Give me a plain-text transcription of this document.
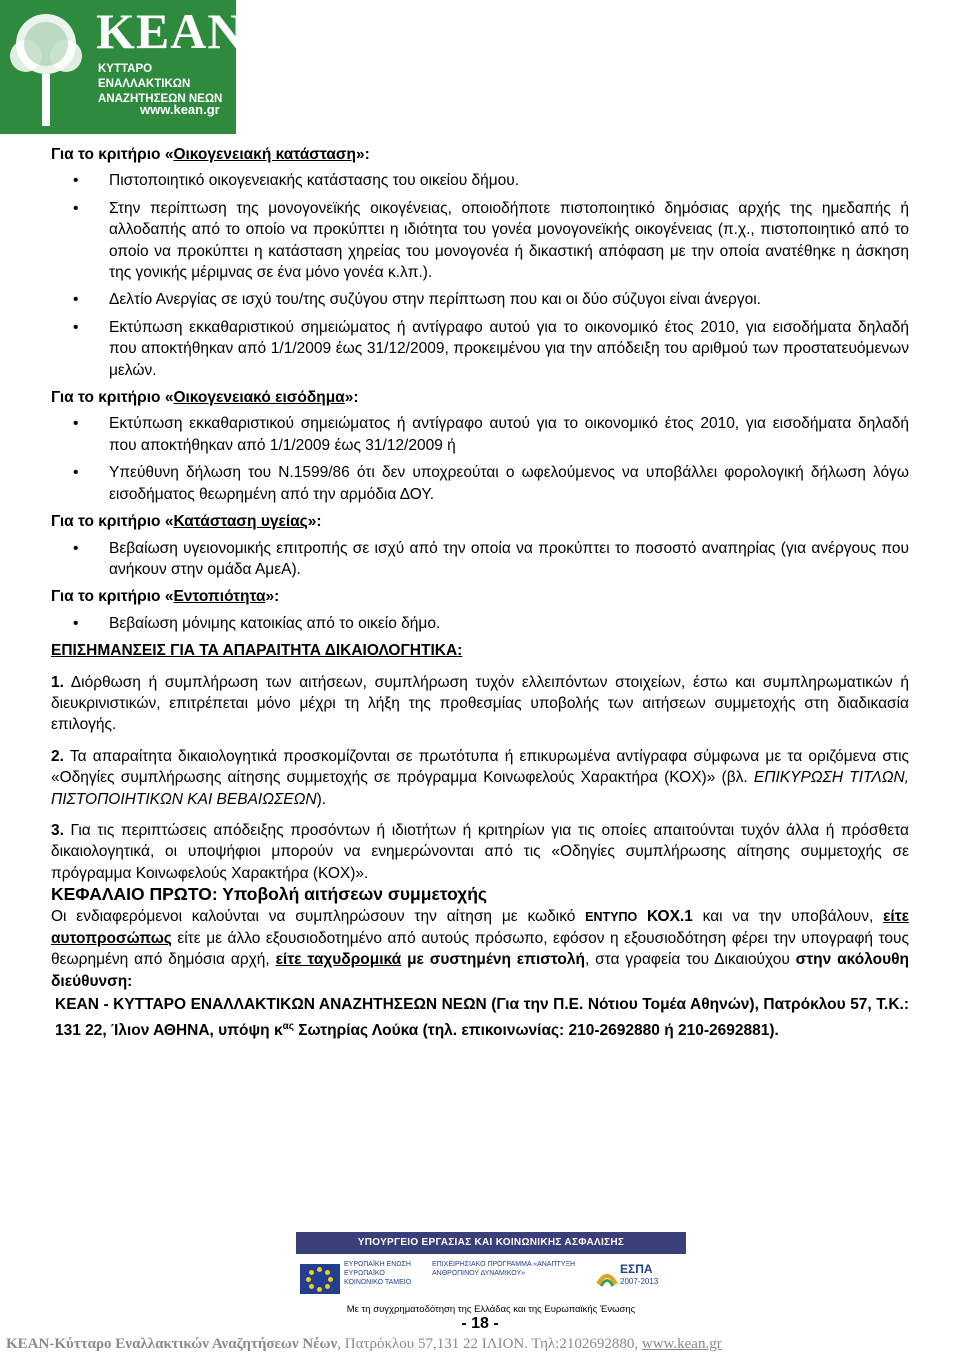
ΚΕΑΝ
ΚΥΤΤΑΡΟ ΕΝΑΛΛΑΚΤΙΚΩΝ
ΑΝΑΖΗΤΗΣΕΩΝ ΝΕΩΝ
www.kean.gr

Για το κριτήριο «Οικογενειακή κατάσταση»:

• Πιστοποιητικό οικογενειακής κατάστασης του οικείου δήμου.
• Στην περίπτωση της μονογονεϊκής οικογένειας, οποιοδήποτε πιστοποιητικό δημόσιας αρχής της ημεδαπής ή αλλοδαπής από το οποίο να προκύπτει η ιδιότητα του γονέα μονογονεϊκής οικογένειας (π.χ., πιστοποιητικό από το οποίο να προκύπτει η κατάσταση χηρείας του μονογονέα ή δικαστική απόφαση με την οποία ανατέθηκε η άσκηση της γονικής μέριμνας σε ένα μόνο γονέα κ.λπ.).
• Δελτίο Ανεργίας σε ισχύ του/της συζύγου στην περίπτωση που και οι δύο σύζυγοι είναι άνεργοι.
• Εκτύπωση εκκαθαριστικού σημειώματος ή αντίγραφο αυτού για το οικονομικό έτος 2010, για εισοδήματα δηλαδή που αποκτήθηκαν από 1/1/2009 έως 31/12/2009, προκειμένου για την απόδειξη του αριθμού των προστατευόμενων μελών.

Για το κριτήριο «Οικογενειακό εισόδημα»:

• Εκτύπωση εκκαθαριστικού σημειώματος ή αντίγραφο αυτού για το οικονομικό έτος 2010, για εισοδήματα δηλαδή που αποκτήθηκαν από 1/1/2009 έως 31/12/2009 ή
• Υπεύθυνη δήλωση του Ν.1599/86 ότι δεν υποχρεούται ο ωφελούμενος να υποβάλλει φορολογική δήλωση λόγω εισοδήματος θεωρημένη από την αρμόδια ΔΟΥ.

Για το κριτήριο «Κατάσταση υγείας»:

• Βεβαίωση υγειονομικής επιτροπής σε ισχύ από την οποία να προκύπτει το ποσοστό αναπηρίας (για ανέργους που ανήκουν στην ομάδα ΑμεΑ).

Για το κριτήριο «Εντοπιότητα»:

• Βεβαίωση μόνιμης κατοικίας από το οικείο δήμο.

ΕΠΙΣΗΜΑΝΣΕΙΣ ΓΙΑ ΤΑ ΑΠΑΡΑΙΤΗΤΑ ΔΙΚΑΙΟΛΟΓΗΤΙΚΑ:

1. Διόρθωση ή συμπλήρωση των αιτήσεων, συμπλήρωση τυχόν ελλειπόντων στοιχείων, έστω και συμπληρωματικών ή διευκρινιστικών, επιτρέπεται μόνο μέχρι τη λήξη της προθεσμίας υποβολής των αιτήσεων συμμετοχής στη διαδικασία επιλογής.

2. Τα απαραίτητα δικαιολογητικά προσκομίζονται σε πρωτότυπα ή επικυρωμένα αντίγραφα σύμφωνα με τα οριζόμενα στις «Οδηγίες συμπλήρωσης αίτησης συμμετοχής σε πρόγραμμα Κοινωφελούς Χαρακτήρα (ΚΟΧ)» (βλ. ΕΠΙΚΥΡΩΣΗ ΤΙΤΛΩΝ, ΠΙΣΤΟΠΟΙΗΤΙΚΩΝ ΚΑΙ ΒΕΒΑΙΩΣΕΩΝ).

3. Για τις περιπτώσεις απόδειξης προσόντων ή ιδιοτήτων ή κριτηρίων για τις οποίες απαιτούνται τυχόν άλλα ή πρόσθετα δικαιολογητικά, οι υποψήφιοι μπορούν να ενημερώνονται από τις «Οδηγίες συμπλήρωσης αίτησης συμμετοχής σε πρόγραμμα Κοινωφελούς Χαρακτήρα (ΚΟΧ)».

ΚΕΦΑΛΑΙΟ ΠΡΩΤΟ: Υποβολή αιτήσεων συμμετοχής

Οι ενδιαφερόμενοι καλούνται να συμπληρώσουν την αίτηση με κωδικό ΕΝΤΥΠΟ ΚΟΧ.1 και να την υποβάλουν, είτε αυτοπροσώπως είτε με άλλο εξουσιοδοτημένο από αυτούς πρόσωπο, εφόσον η εξουσιοδότηση φέρει την υπογραφή τους θεωρημένη από δημόσια αρχή, είτε ταχυδρομικά με συστημένη επιστολή, στα γραφεία του Δικαιούχου στην ακόλουθη διεύθυνση:

ΚΕΑΝ - ΚΥΤΤΑΡΟ ΕΝΑΛΛΑΚΤΙΚΩΝ ΑΝΑΖΗΤΗΣΕΩΝ ΝΕΩΝ (Για την Π.Ε. Νότιου Τομέα Αθηνών), Πατρόκλου 57, Τ.Κ.: 131 22, Ίλιον ΑΘΗΝΑ, υπόψη $\kappa^{\alpha\varsigma}$ Σωτηρίας Λούκα (τηλ. επικοινωνίας: 210-2692880 ή 210-2692881).

ΥΠΟΥΡΓΕΙΟ ΕΡΓΑΣΙΑΣ ΚΑΙ ΚΟΙΝΩΝΙΚΗΣ ΑΣΦΑΛΙΣΗΣ
ΕΥΡΩΠΑΪΚΗ ΕΝΩΣΗ ΕΥΡΩΠΑΪΚΟ ΚΟΙΝΩΝΙΚΟ ΤΑΜΕΙΟ
ΕΠΙΧΕΙΡΗΣΙΑΚΟ ΠΡΟΓΡΑΜΜΑ «ΑΝΑΠΤΥΞΗ ΑΝΘΡΩΠΙΝΟΥ ΔΥΝΑΜΙΚΟΥ»	ΕΣΠΑ
2007-2013
Με τη συγχρηματοδότηση της Ελλάδας και της Ευρωπαϊκής Ένωσης
- 18 -
ΚΕΑΝ-Κύτταρο Εναλλακτικών Αναζητήσεων Νέων, Πατρόκλου 57,131 22 ΙΛΙΟΝ. Τηλ:2102692880, www.kean.gr
